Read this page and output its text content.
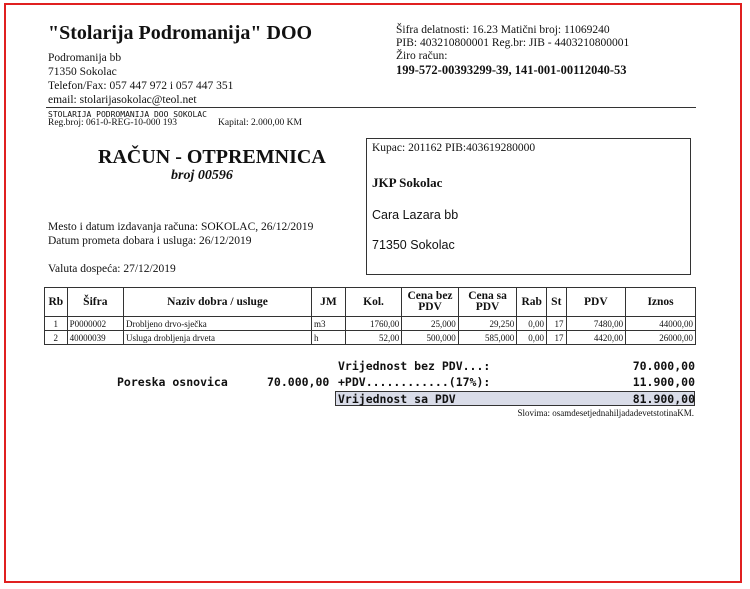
"Stolarija Podromanija" DOO
Podromanija bb
71350 Sokolac
Telefon/Fax: 057 447 972 i 057 447 351
email: stolarijasokolac@teol.net
STOLARIJA PODROMANIJA DOO SOKOLAC
Reg.broj: 061-0-REG-10-000 193	Kapital: 2.000,00 KM
Šifra delatnosti: 16.23 Matični broj: 11069240
PIB: 403210800001 Reg.br: JIB - 4403210800001
Žiro račun:
199-572-00393299-39, 141-001-00112040-53
RAČUN - OTPREMNICA
broj 00596
Mesto i datum izdavanja računa: SOKOLAC, 26/12/2019
Datum prometa dobara i usluga: 26/12/2019
Valuta dospeća: 27/12/2019
Kupac: 201162 PIB:403619280000
JKP Sokolac
Cara Lazara bb
71350 Sokolac
Rb	Šifra	Naziv dobra / usluge	JM	Kol.	Cena bez PDV	Cena sa PDV	Rab	St	PDV	Iznos
1	P0000002	Drobljeno drvo-sječka	m3	1760,00	25,000	29,250	0,00	17	7480,00	44000,00
2	40000039	Usluga drobljenja drveta	h	52,00	500,000	585,000	0,00	17	4420,00	26000,00
Vrijednost bez PDV...:	70.000,00
Poreska osnovica	70.000,00 +PDV............(17%):	11.900,00
Vrijednost sa PDV	81.900,00
Slovima: osamdesetjednahiljadadevetstotinaKM.
